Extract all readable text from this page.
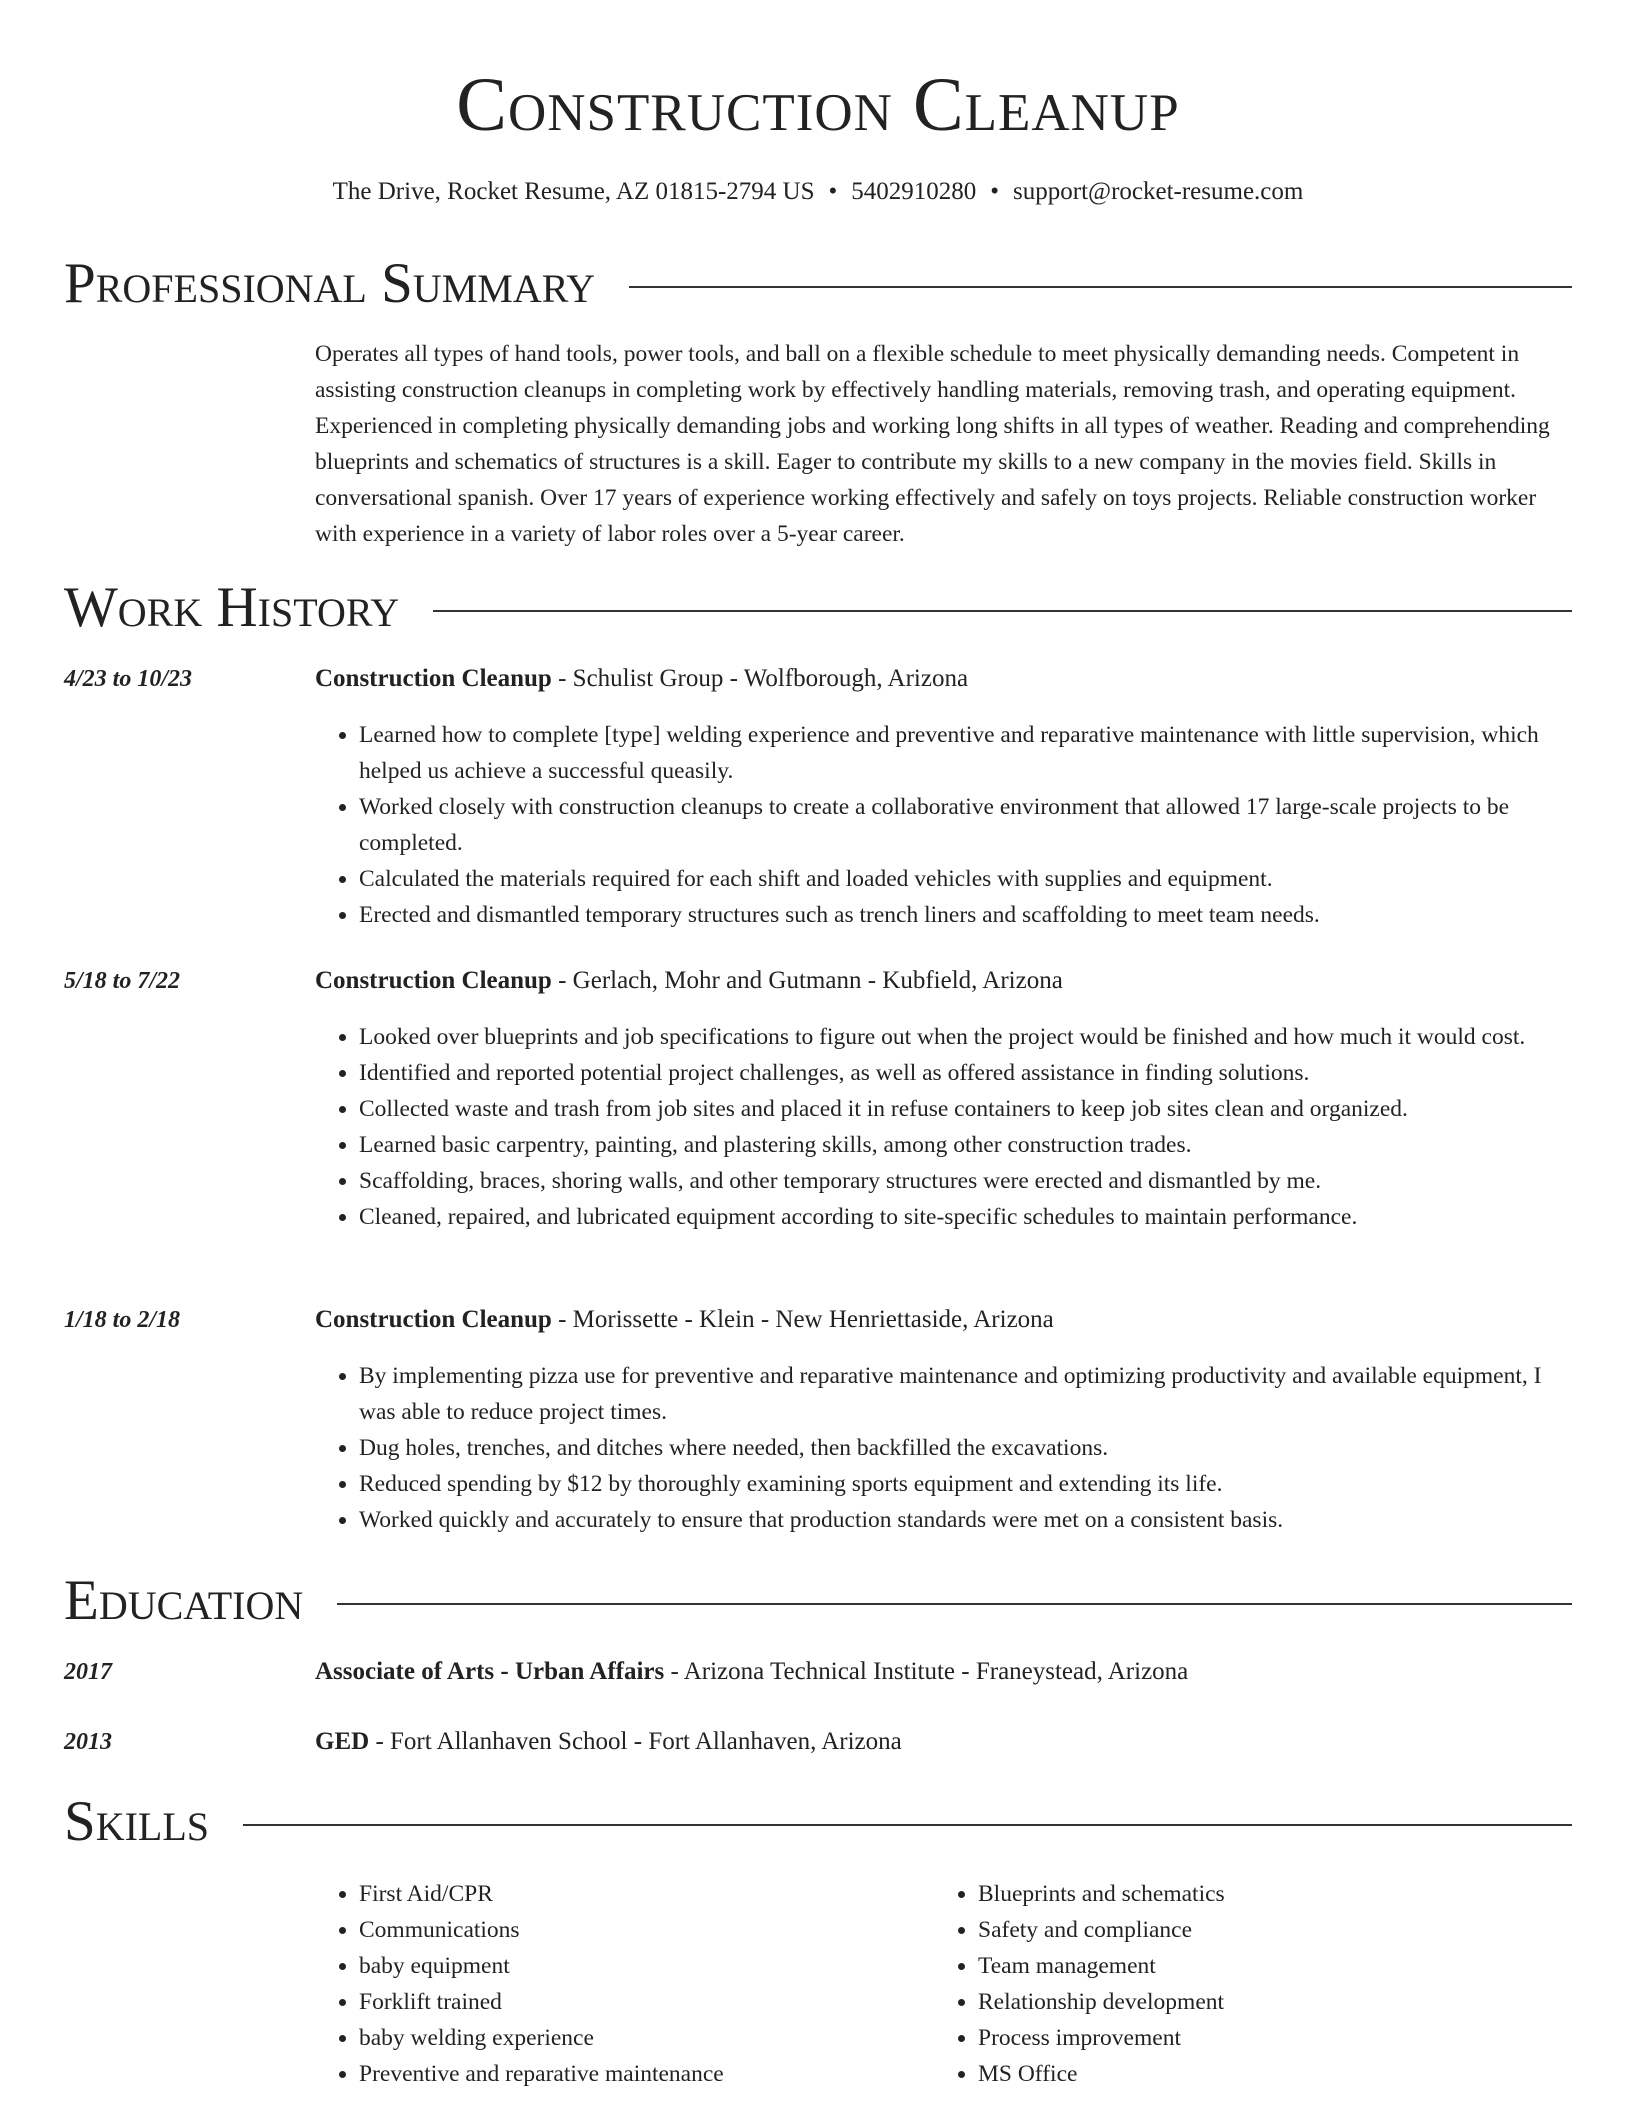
Construction Cleanup
The Drive, Rocket Resume, AZ 01815-2794 US • 5402910280 • support@rocket-resume.com
Professional Summary
Operates all types of hand tools, power tools, and ball on a flexible schedule to meet physically demanding needs. Competent in assisting construction cleanups in completing work by effectively handling materials, removing trash, and operating equipment. Experienced in completing physically demanding jobs and working long shifts in all types of weather. Reading and comprehending blueprints and schematics of structures is a skill. Eager to contribute my skills to a new company in the movies field. Skills in conversational spanish. Over 17 years of experience working effectively and safely on toys projects. Reliable construction worker with experience in a variety of labor roles over a 5-year career.
Work History
4/23 to 10/23	Construction Cleanup - Schulist Group - Wolfborough, Arizona
• Learned how to complete [type] welding experience and preventive and reparative maintenance with little supervision, which helped us achieve a successful queasily.
• Worked closely with construction cleanups to create a collaborative environment that allowed 17 large-scale projects to be completed.
• Calculated the materials required for each shift and loaded vehicles with supplies and equipment.
• Erected and dismantled temporary structures such as trench liners and scaffolding to meet team needs.
5/18 to 7/22	Construction Cleanup - Gerlach, Mohr and Gutmann - Kubfield, Arizona
• Looked over blueprints and job specifications to figure out when the project would be finished and how much it would cost.
• Identified and reported potential project challenges, as well as offered assistance in finding solutions.
• Collected waste and trash from job sites and placed it in refuse containers to keep job sites clean and organized.
• Learned basic carpentry, painting, and plastering skills, among other construction trades.
• Scaffolding, braces, shoring walls, and other temporary structures were erected and dismantled by me.
• Cleaned, repaired, and lubricated equipment according to site-specific schedules to maintain performance.
1/18 to 2/18	Construction Cleanup - Morissette - Klein - New Henriettaside, Arizona
• By implementing pizza use for preventive and reparative maintenance and optimizing productivity and available equipment, I was able to reduce project times.
• Dug holes, trenches, and ditches where needed, then backfilled the excavations.
• Reduced spending by $12 by thoroughly examining sports equipment and extending its life.
• Worked quickly and accurately to ensure that production standards were met on a consistent basis.
Education
2017	Associate of Arts - Urban Affairs - Arizona Technical Institute - Franeystead, Arizona
2013	GED - Fort Allanhaven School - Fort Allanhaven, Arizona
Skills
• First Aid/CPR
• Communications
• baby equipment
• Forklift trained
• baby welding experience
• Preventive and reparative maintenance
• Blueprints and schematics
• Safety and compliance
• Team management
• Relationship development
• Process improvement
• MS Office
